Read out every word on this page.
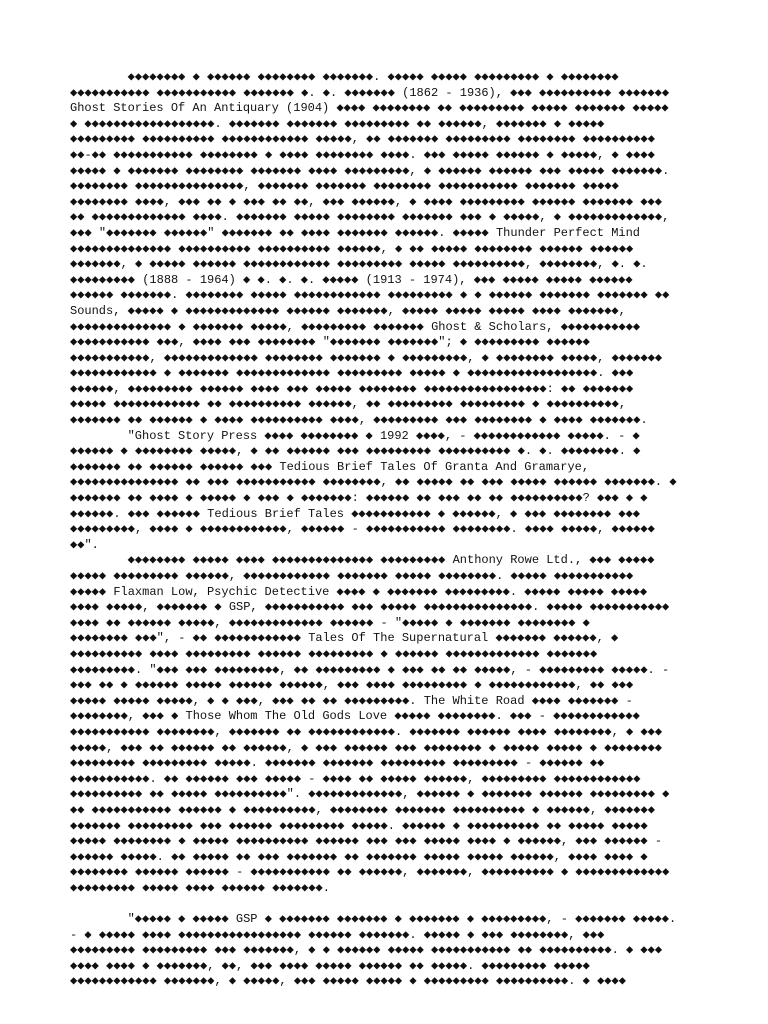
◆◆◆◆◆◆◆◆ ◆ ◆◆◆◆◆◆ ◆◆◆◆◆◆◆◆ ◆◆◆◆◆◆◆. ◆◆◆◆◆ ◆◆◆◆◆ ◆◆◆◆◆◆◆◆◆ ◆ ◆◆◆◆◆◆◆◆
◆◆◆◆◆◆◆◆◆◆◆ ◆◆◆◆◆◆◆◆◆◆◆ ◆◆◆◆◆◆◆ ◆. ◆. ◆◆◆◆◆◆◆ (1862 - 1936), ◆◆◆ ◆◆◆◆◆◆◆◆◆◆ ◆◆◆◆◆◆◆
Ghost Stories Of An Antiquary (1904) ◆◆◆◆ ◆◆◆◆◆◆◆◆ ◆◆ ◆◆◆◆◆◆◆◆◆ ◆◆◆◆◆ ◆◆◆◆◆◆◆ ◆◆◆◆◆
◆ ◆◆◆◆◆◆◆◆◆◆◆◆◆◆◆◆◆◆. ◆◆◆◆◆◆◆ ◆◆◆◆◆◆◆ ◆◆◆◆◆◆◆◆◆ ◆◆ ◆◆◆◆◆◆, ◆◆◆◆◆◆◆ ◆ ◆◆◆◆◆
◆◆◆◆◆◆◆◆◆ ◆◆◆◆◆◆◆◆◆◆ ◆◆◆◆◆◆◆◆◆◆◆◆ ◆◆◆◆◆, ◆◆ ◆◆◆◆◆◆◆ ◆◆◆◆◆◆◆◆◆ ◆◆◆◆◆◆◆◆ ◆◆◆◆◆◆◆◆◆◆
◆◆-◆◆ ◆◆◆◆◆◆◆◆◆◆◆ ◆◆◆◆◆◆◆◆ ◆ ◆◆◆◆ ◆◆◆◆◆◆◆◆ ◆◆◆◆. ◆◆◆ ◆◆◆◆◆ ◆◆◆◆◆◆ ◆ ◆◆◆◆◆, ◆ ◆◆◆◆
◆◆◆◆◆ ◆ ◆◆◆◆◆◆◆ ◆◆◆◆◆◆◆◆ ◆◆◆◆◆◆◆ ◆◆◆◆ ◆◆◆◆◆◆◆◆◆, ◆ ◆◆◆◆◆◆ ◆◆◆◆◆◆ ◆◆◆ ◆◆◆◆◆ ◆◆◆◆◆◆◆.
◆◆◆◆◆◆◆◆ ◆◆◆◆◆◆◆◆◆◆◆◆◆◆◆, ◆◆◆◆◆◆◆ ◆◆◆◆◆◆◆ ◆◆◆◆◆◆◆◆ ◆◆◆◆◆◆◆◆◆◆◆ ◆◆◆◆◆◆◆ ◆◆◆◆◆
◆◆◆◆◆◆◆◆ ◆◆◆◆, ◆◆◆ ◆◆ ◆ ◆◆◆ ◆◆ ◆◆, ◆◆◆ ◆◆◆◆◆◆, ◆ ◆◆◆◆ ◆◆◆◆◆◆◆◆◆ ◆◆◆◆◆◆ ◆◆◆◆◆◆◆ ◆◆◆
◆◆ ◆◆◆◆◆◆◆◆◆◆◆◆◆ ◆◆◆◆. ◆◆◆◆◆◆◆ ◆◆◆◆◆ ◆◆◆◆◆◆◆◆ ◆◆◆◆◆◆◆ ◆◆◆ ◆ ◆◆◆◆◆, ◆ ◆◆◆◆◆◆◆◆◆◆◆◆◆,
◆◆◆ "◆◆◆◆◆◆◆ ◆◆◆◆◆◆" ◆◆◆◆◆◆◆ ◆◆ ◆◆◆◆ ◆◆◆◆◆◆◆ ◆◆◆◆◆◆. ◆◆◆◆◆ Thunder Perfect Mind
◆◆◆◆◆◆◆◆◆◆◆◆◆◆ ◆◆◆◆◆◆◆◆◆◆ ◆◆◆◆◆◆◆◆◆◆ ◆◆◆◆◆◆, ◆ ◆◆ ◆◆◆◆◆ ◆◆◆◆◆◆◆◆ ◆◆◆◆◆◆ ◆◆◆◆◆◆
◆◆◆◆◆◆◆, ◆ ◆◆◆◆◆ ◆◆◆◆◆◆ ◆◆◆◆◆◆◆◆◆◆◆◆ ◆◆◆◆◆◆◆◆◆ ◆◆◆◆◆ ◆◆◆◆◆◆◆◆◆◆, ◆◆◆◆◆◆◆◆, ◆. ◆.
◆◆◆◆◆◆◆◆◆ (1888 - 1964) ◆ ◆. ◆. ◆. ◆◆◆◆◆ (1913 - 1974), ◆◆◆ ◆◆◆◆◆ ◆◆◆◆◆ ◆◆◆◆◆◆
◆◆◆◆◆◆ ◆◆◆◆◆◆◆. ◆◆◆◆◆◆◆◆ ◆◆◆◆◆ ◆◆◆◆◆◆◆◆◆◆◆◆ ◆◆◆◆◆◆◆◆◆ ◆ ◆ ◆◆◆◆◆◆ ◆◆◆◆◆◆◆ ◆◆◆◆◆◆◆ ◆◆
Sounds, ◆◆◆◆◆ ◆ ◆◆◆◆◆◆◆◆◆◆◆◆◆ ◆◆◆◆◆◆ ◆◆◆◆◆◆◆, ◆◆◆◆◆ ◆◆◆◆◆ ◆◆◆◆◆ ◆◆◆◆ ◆◆◆◆◆◆◆,
◆◆◆◆◆◆◆◆◆◆◆◆◆◆ ◆ ◆◆◆◆◆◆◆ ◆◆◆◆◆, ◆◆◆◆◆◆◆◆◆ ◆◆◆◆◆◆◆ Ghost & Scholars, ◆◆◆◆◆◆◆◆◆◆◆
◆◆◆◆◆◆◆◆◆◆◆ ◆◆◆, ◆◆◆◆ ◆◆◆ ◆◆◆◆◆◆◆◆ "◆◆◆◆◆◆◆ ◆◆◆◆◆◆◆"; ◆ ◆◆◆◆◆◆◆◆◆ ◆◆◆◆◆◆
◆◆◆◆◆◆◆◆◆◆◆, ◆◆◆◆◆◆◆◆◆◆◆◆◆ ◆◆◆◆◆◆◆◆ ◆◆◆◆◆◆◆ ◆ ◆◆◆◆◆◆◆◆◆, ◆ ◆◆◆◆◆◆◆◆ ◆◆◆◆◆, ◆◆◆◆◆◆◆
◆◆◆◆◆◆◆◆◆◆◆◆ ◆ ◆◆◆◆◆◆◆ ◆◆◆◆◆◆◆◆◆◆◆◆◆ ◆◆◆◆◆◆◆◆◆ ◆◆◆◆◆ ◆ ◆◆◆◆◆◆◆◆◆◆◆◆◆◆◆◆◆◆. ◆◆◆
◆◆◆◆◆◆, ◆◆◆◆◆◆◆◆◆ ◆◆◆◆◆◆ ◆◆◆◆ ◆◆◆ ◆◆◆◆◆ ◆◆◆◆◆◆◆◆ ◆◆◆◆◆◆◆◆◆◆◆◆◆◆◆◆◆: ◆◆ ◆◆◆◆◆◆◆
◆◆◆◆◆ ◆◆◆◆◆◆◆◆◆◆◆◆ ◆◆ ◆◆◆◆◆◆◆◆◆◆ ◆◆◆◆◆◆, ◆◆ ◆◆◆◆◆◆◆◆◆ ◆◆◆◆◆◆◆◆◆ ◆ ◆◆◆◆◆◆◆◆◆◆,
◆◆◆◆◆◆◆ ◆◆ ◆◆◆◆◆◆ ◆ ◆◆◆◆ ◆◆◆◆◆◆◆◆◆◆ ◆◆◆◆, ◆◆◆◆◆◆◆◆◆ ◆◆◆ ◆◆◆◆◆◆◆◆ ◆ ◆◆◆◆ ◆◆◆◆◆◆◆.
"Ghost Story Press ◆◆◆◆ ◆◆◆◆◆◆◆◆ ◆ 1992 ◆◆◆◆, - ◆◆◆◆◆◆◆◆◆◆◆◆ ◆◆◆◆◆. - ◆
◆◆◆◆◆◆ ◆ ◆◆◆◆◆◆◆◆ ◆◆◆◆◆, ◆ ◆◆ ◆◆◆◆◆◆ ◆◆◆ ◆◆◆◆◆◆◆◆◆ ◆◆◆◆◆◆◆◆◆◆ ◆. ◆. ◆◆◆◆◆◆◆◆. ◆
◆◆◆◆◆◆◆ ◆◆ ◆◆◆◆◆◆ ◆◆◆◆◆◆ ◆◆◆ Tedious Brief Tales Of Granta And Gramarye,
◆◆◆◆◆◆◆◆◆◆◆◆◆◆◆ ◆◆ ◆◆◆ ◆◆◆◆◆◆◆◆◆◆◆ ◆◆◆◆◆◆◆◆, ◆◆ ◆◆◆◆◆ ◆◆ ◆◆◆ ◆◆◆◆◆ ◆◆◆◆◆◆ ◆◆◆◆◆◆◆. ◆
◆◆◆◆◆◆◆ ◆◆ ◆◆◆◆ ◆ ◆◆◆◆◆ ◆ ◆◆◆ ◆ ◆◆◆◆◆◆◆: ◆◆◆◆◆◆ ◆◆ ◆◆◆ ◆◆ ◆◆ ◆◆◆◆◆◆◆◆◆◆? ◆◆◆ ◆ ◆
◆◆◆◆◆◆. ◆◆◆ ◆◆◆◆◆◆ Tedious Brief Tales ◆◆◆◆◆◆◆◆◆◆◆ ◆ ◆◆◆◆◆◆, ◆ ◆◆◆ ◆◆◆◆◆◆◆◆ ◆◆◆
◆◆◆◆◆◆◆◆◆, ◆◆◆◆ ◆ ◆◆◆◆◆◆◆◆◆◆◆◆, ◆◆◆◆◆◆ - ◆◆◆◆◆◆◆◆◆◆◆ ◆◆◆◆◆◆◆◆. ◆◆◆◆ ◆◆◆◆◆, ◆◆◆◆◆◆
◆◆".
◆◆◆◆◆◆◆◆ ◆◆◆◆◆ ◆◆◆◆ ◆◆◆◆◆◆◆◆◆◆◆◆◆◆ ◆◆◆◆◆◆◆◆◆ Anthony Rowe Ltd., ◆◆◆ ◆◆◆◆◆
◆◆◆◆◆ ◆◆◆◆◆◆◆◆◆ ◆◆◆◆◆◆, ◆◆◆◆◆◆◆◆◆◆◆◆ ◆◆◆◆◆◆◆ ◆◆◆◆◆ ◆◆◆◆◆◆◆◆. ◆◆◆◆◆ ◆◆◆◆◆◆◆◆◆◆◆
◆◆◆◆◆ Flaxman Low, Psychic Detective ◆◆◆◆ ◆ ◆◆◆◆◆◆◆ ◆◆◆◆◆◆◆◆◆. ◆◆◆◆◆ ◆◆◆◆◆ ◆◆◆◆◆
◆◆◆◆ ◆◆◆◆◆, ◆◆◆◆◆◆◆ ◆ GSP, ◆◆◆◆◆◆◆◆◆◆◆ ◆◆◆ ◆◆◆◆◆ ◆◆◆◆◆◆◆◆◆◆◆◆◆◆◆. ◆◆◆◆◆ ◆◆◆◆◆◆◆◆◆◆◆
◆◆◆◆ ◆◆ ◆◆◆◆◆◆ ◆◆◆◆◆, ◆◆◆◆◆◆◆◆◆◆◆◆◆ ◆◆◆◆◆◆ - "◆◆◆◆◆ ◆ ◆◆◆◆◆◆◆ ◆◆◆◆◆◆◆◆ ◆
◆◆◆◆◆◆◆◆ ◆◆◆", - ◆◆ ◆◆◆◆◆◆◆◆◆◆◆◆ Tales Of The Supernatural ◆◆◆◆◆◆◆ ◆◆◆◆◆◆, ◆
◆◆◆◆◆◆◆◆◆◆ ◆◆◆◆ ◆◆◆◆◆◆◆◆◆ ◆◆◆◆◆◆ ◆◆◆◆◆◆◆◆◆ ◆ ◆◆◆◆◆◆ ◆◆◆◆◆◆◆◆◆◆◆◆◆ ◆◆◆◆◆◆◆
◆◆◆◆◆◆◆◆◆. "◆◆◆ ◆◆◆ ◆◆◆◆◆◆◆◆◆, ◆◆ ◆◆◆◆◆◆◆◆◆ ◆ ◆◆◆ ◆◆ ◆◆ ◆◆◆◆◆, - ◆◆◆◆◆◆◆◆◆ ◆◆◆◆◆. -
◆◆◆ ◆◆ ◆ ◆◆◆◆◆◆ ◆◆◆◆◆ ◆◆◆◆◆◆ ◆◆◆◆◆◆, ◆◆◆ ◆◆◆◆ ◆◆◆◆◆◆◆◆◆ ◆ ◆◆◆◆◆◆◆◆◆◆◆◆, ◆◆ ◆◆◆
◆◆◆◆◆ ◆◆◆◆◆ ◆◆◆◆◆, ◆ ◆ ◆◆◆, ◆◆◆ ◆◆ ◆◆ ◆◆◆◆◆◆◆◆◆. The White Road ◆◆◆◆ ◆◆◆◆◆◆◆ -
◆◆◆◆◆◆◆◆, ◆◆◆ ◆ Those Whom The Old Gods Love ◆◆◆◆◆ ◆◆◆◆◆◆◆◆. ◆◆◆ - ◆◆◆◆◆◆◆◆◆◆◆◆
◆◆◆◆◆◆◆◆◆◆◆ ◆◆◆◆◆◆◆◆, ◆◆◆◆◆◆◆ ◆◆ ◆◆◆◆◆◆◆◆◆◆◆◆. ◆◆◆◆◆◆◆ ◆◆◆◆◆◆ ◆◆◆◆ ◆◆◆◆◆◆◆◆, ◆ ◆◆◆
◆◆◆◆◆, ◆◆◆ ◆◆ ◆◆◆◆◆◆ ◆◆ ◆◆◆◆◆◆, ◆ ◆◆◆ ◆◆◆◆◆◆ ◆◆◆ ◆◆◆◆◆◆◆◆ ◆ ◆◆◆◆◆ ◆◆◆◆◆ ◆ ◆◆◆◆◆◆◆◆
◆◆◆◆◆◆◆◆◆ ◆◆◆◆◆◆◆◆◆ ◆◆◆◆◆. ◆◆◆◆◆◆◆ ◆◆◆◆◆◆◆ ◆◆◆◆◆◆◆◆◆ ◆◆◆◆◆◆◆◆◆ - ◆◆◆◆◆◆ ◆◆
◆◆◆◆◆◆◆◆◆◆◆. ◆◆ ◆◆◆◆◆◆ ◆◆◆ ◆◆◆◆◆ - ◆◆◆◆ ◆◆ ◆◆◆◆◆ ◆◆◆◆◆◆, ◆◆◆◆◆◆◆◆◆ ◆◆◆◆◆◆◆◆◆◆◆◆
◆◆◆◆◆◆◆◆◆◆ ◆◆ ◆◆◆◆◆ ◆◆◆◆◆◆◆◆◆◆". ◆◆◆◆◆◆◆◆◆◆◆◆◆, ◆◆◆◆◆◆ ◆ ◆◆◆◆◆◆◆ ◆◆◆◆◆◆ ◆◆◆◆◆◆◆◆◆ ◆
◆◆ ◆◆◆◆◆◆◆◆◆◆◆ ◆◆◆◆◆◆ ◆ ◆◆◆◆◆◆◆◆◆◆, ◆◆◆◆◆◆◆◆ ◆◆◆◆◆◆◆ ◆◆◆◆◆◆◆◆◆◆ ◆ ◆◆◆◆◆◆, ◆◆◆◆◆◆◆
◆◆◆◆◆◆◆ ◆◆◆◆◆◆◆◆◆ ◆◆◆ ◆◆◆◆◆◆ ◆◆◆◆◆◆◆◆◆ ◆◆◆◆◆. ◆◆◆◆◆◆ ◆ ◆◆◆◆◆◆◆◆◆◆ ◆◆ ◆◆◆◆◆ ◆◆◆◆◆
◆◆◆◆◆ ◆◆◆◆◆◆◆◆ ◆ ◆◆◆◆◆ ◆◆◆◆◆◆◆◆◆◆ ◆◆◆◆◆◆ ◆◆◆ ◆◆◆ ◆◆◆◆◆ ◆◆◆◆ ◆ ◆◆◆◆◆◆, ◆◆◆ ◆◆◆◆◆◆ -
◆◆◆◆◆◆ ◆◆◆◆◆. ◆◆ ◆◆◆◆◆ ◆◆ ◆◆◆ ◆◆◆◆◆◆◆ ◆◆ ◆◆◆◆◆◆◆ ◆◆◆◆◆ ◆◆◆◆◆ ◆◆◆◆◆◆, ◆◆◆◆ ◆◆◆◆ ◆
◆◆◆◆◆◆◆◆ ◆◆◆◆◆◆ ◆◆◆◆◆◆ - ◆◆◆◆◆◆◆◆◆◆◆ ◆◆ ◆◆◆◆◆◆, ◆◆◆◆◆◆◆, ◆◆◆◆◆◆◆◆◆◆ ◆ ◆◆◆◆◆◆◆◆◆◆◆◆◆
◆◆◆◆◆◆◆◆◆ ◆◆◆◆◆ ◆◆◆◆ ◆◆◆◆◆◆ ◆◆◆◆◆◆◆.
"◆◆◆◆◆ ◆ ◆◆◆◆◆ GSP ◆ ◆◆◆◆◆◆◆ ◆◆◆◆◆◆◆ ◆ ◆◆◆◆◆◆◆ ◆ ◆◆◆◆◆◆◆◆◆, - ◆◆◆◆◆◆◆ ◆◆◆◆◆.
- ◆ ◆◆◆◆◆ ◆◆◆◆ ◆◆◆◆◆◆◆◆◆◆◆◆◆◆◆◆◆ ◆◆◆◆◆◆ ◆◆◆◆◆◆◆. ◆◆◆◆◆ ◆ ◆◆◆ ◆◆◆◆◆◆◆◆, ◆◆◆
◆◆◆◆◆◆◆◆◆ ◆◆◆◆◆◆◆◆◆ ◆◆◆ ◆◆◆◆◆◆◆, ◆ ◆ ◆◆◆◆◆◆ ◆◆◆◆◆ ◆◆◆◆◆◆◆◆◆◆◆ ◆◆ ◆◆◆◆◆◆◆◆◆◆. ◆ ◆◆◆
◆◆◆◆ ◆◆◆◆ ◆ ◆◆◆◆◆◆◆, ◆◆, ◆◆◆ ◆◆◆◆ ◆◆◆◆◆ ◆◆◆◆◆◆ ◆◆ ◆◆◆◆◆. ◆◆◆◆◆◆◆◆◆ ◆◆◆◆◆
◆◆◆◆◆◆◆◆◆◆◆◆ ◆◆◆◆◆◆◆, ◆ ◆◆◆◆◆, ◆◆◆ ◆◆◆◆◆ ◆◆◆◆◆ ◆ ◆◆◆◆◆◆◆◆◆ ◆◆◆◆◆◆◆◆◆◆. ◆ ◆◆◆◆
